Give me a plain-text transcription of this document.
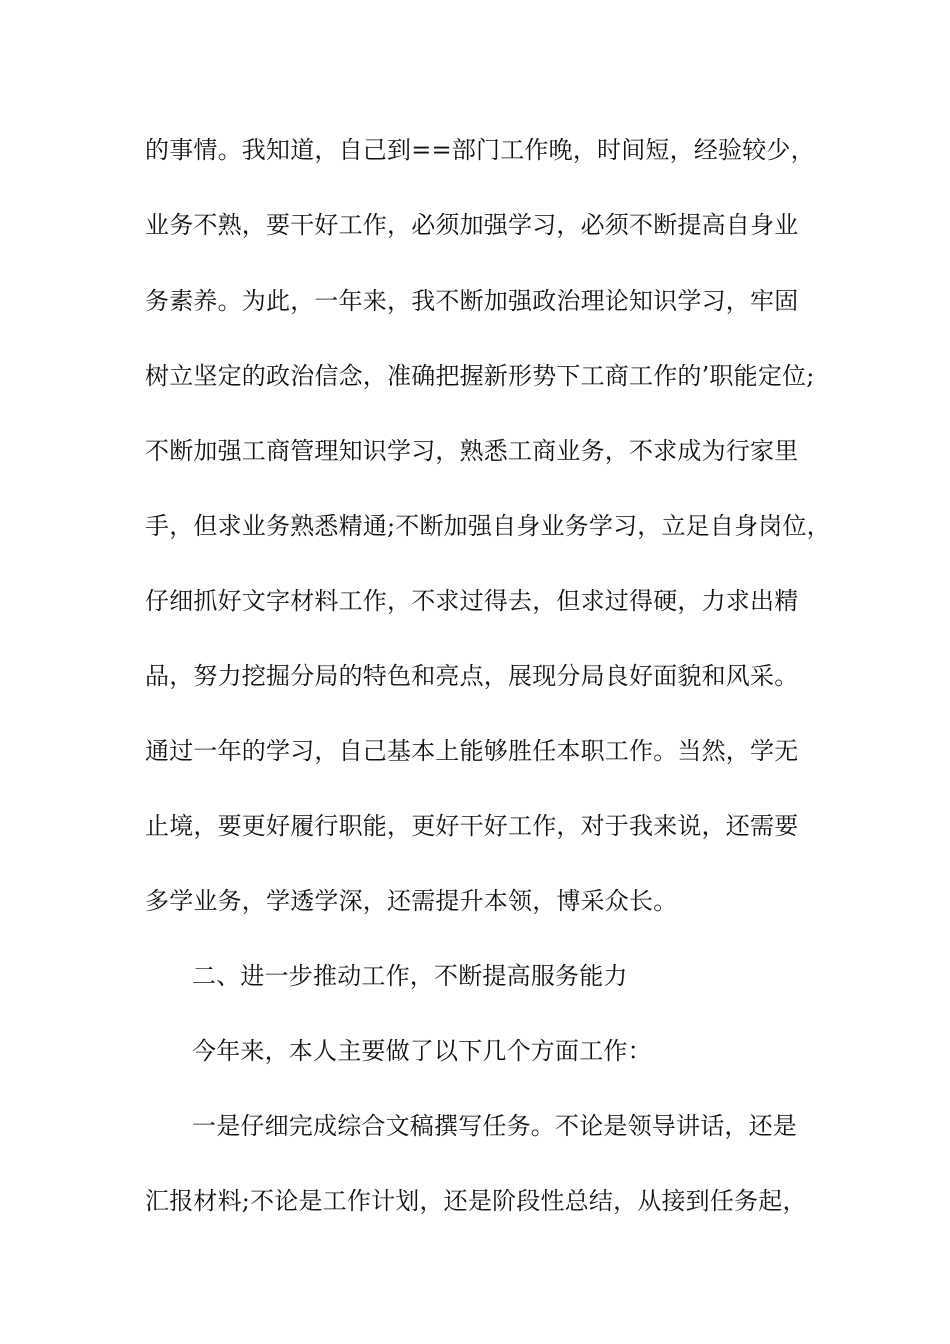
的事情。我知道，自己到==部门工作晚，时间短，经验较少，
业务不熟，要干好工作，必须加强学习，必须不断提高自身业
务素养。为此，一年来，我不断加强政治理论知识学习，牢固
树立坚定的政治信念，准确把握新形势下工商工作的’职能定位;
不断加强工商管理知识学习，熟悉工商业务，不求成为行家里
手，但求业务熟悉精通;不断加强自身业务学习，立足自身岗位，
仔细抓好文字材料工作，不求过得去，但求过得硬，力求出精
品，努力挖掘分局的特色和亮点，展现分局良好面貌和风采。
通过一年的学习，自己基本上能够胜任本职工作。当然，学无
止境，要更好履行职能，更好干好工作，对于我来说，还需要
多学业务，学透学深，还需提升本领，博采众长。
二、进一步推动工作，不断提高服务能力
今年来，本人主要做了以下几个方面工作：
一是仔细完成综合文稿撰写任务。不论是领导讲话，还是
汇报材料;不论是工作计划，还是阶段性总结，从接到任务起，
